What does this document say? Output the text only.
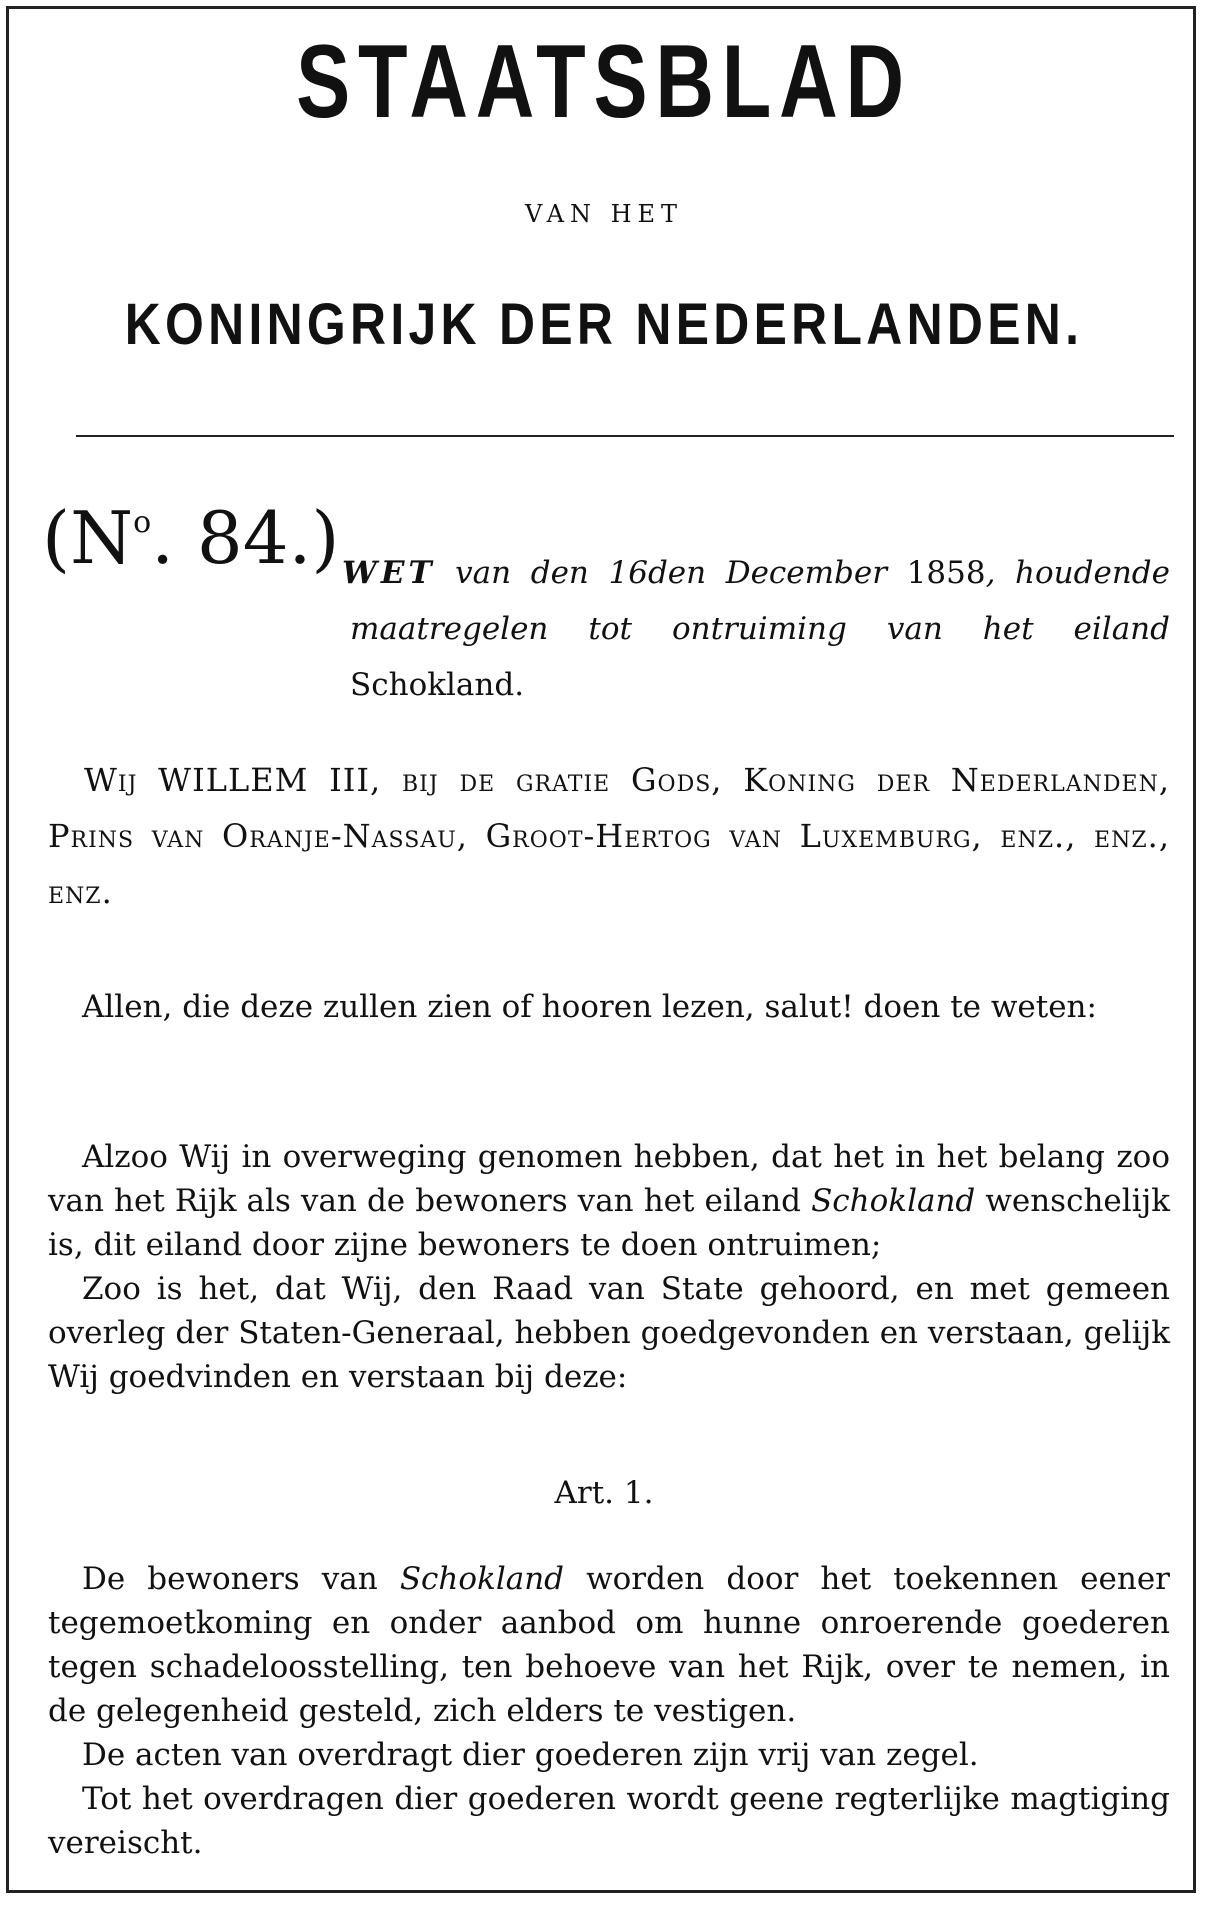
STAATSBLAD
VAN HET
KONINGRIJK DER NEDERLANDEN.
($N^o$. 84.) WET van den 16den December 1858, houdende maatregelen tot ontruiming van het eiland Schokland.
Wij WILLEM III, bij de gratie Gods, Koning der Nederlanden, Prins van Oranje-Nassau, Groot-Hertog van Luxemburg, enz., enz., enz.
Allen, die deze zullen zien of hooren lezen, salut! doen te weten:
Alzoo Wij in overweging genomen hebben, dat het in het belang zoo van het Rijk als van de bewoners van het eiland Schokland wenschelijk is, dit eiland door zijne bewoners te doen ontruimen;
Zoo is het, dat Wij, den Raad van State gehoord, en met gemeen overleg der Staten-Generaal, hebben goedgevonden en verstaan, gelijk Wij goedvinden en verstaan bij deze:
Art. 1.
De bewoners van Schokland worden door het toekennen eener tegemoetkoming en onder aanbod om hunne onroerende goederen tegen schadeloosstelling, ten behoeve van het Rijk, over te nemen, in de gelegenheid gesteld, zich elders te vestigen.
De acten van overdragt dier goederen zijn vrij van zegel.
Tot het overdragen dier goederen wordt geene regterlijke magtiging vereischt.
